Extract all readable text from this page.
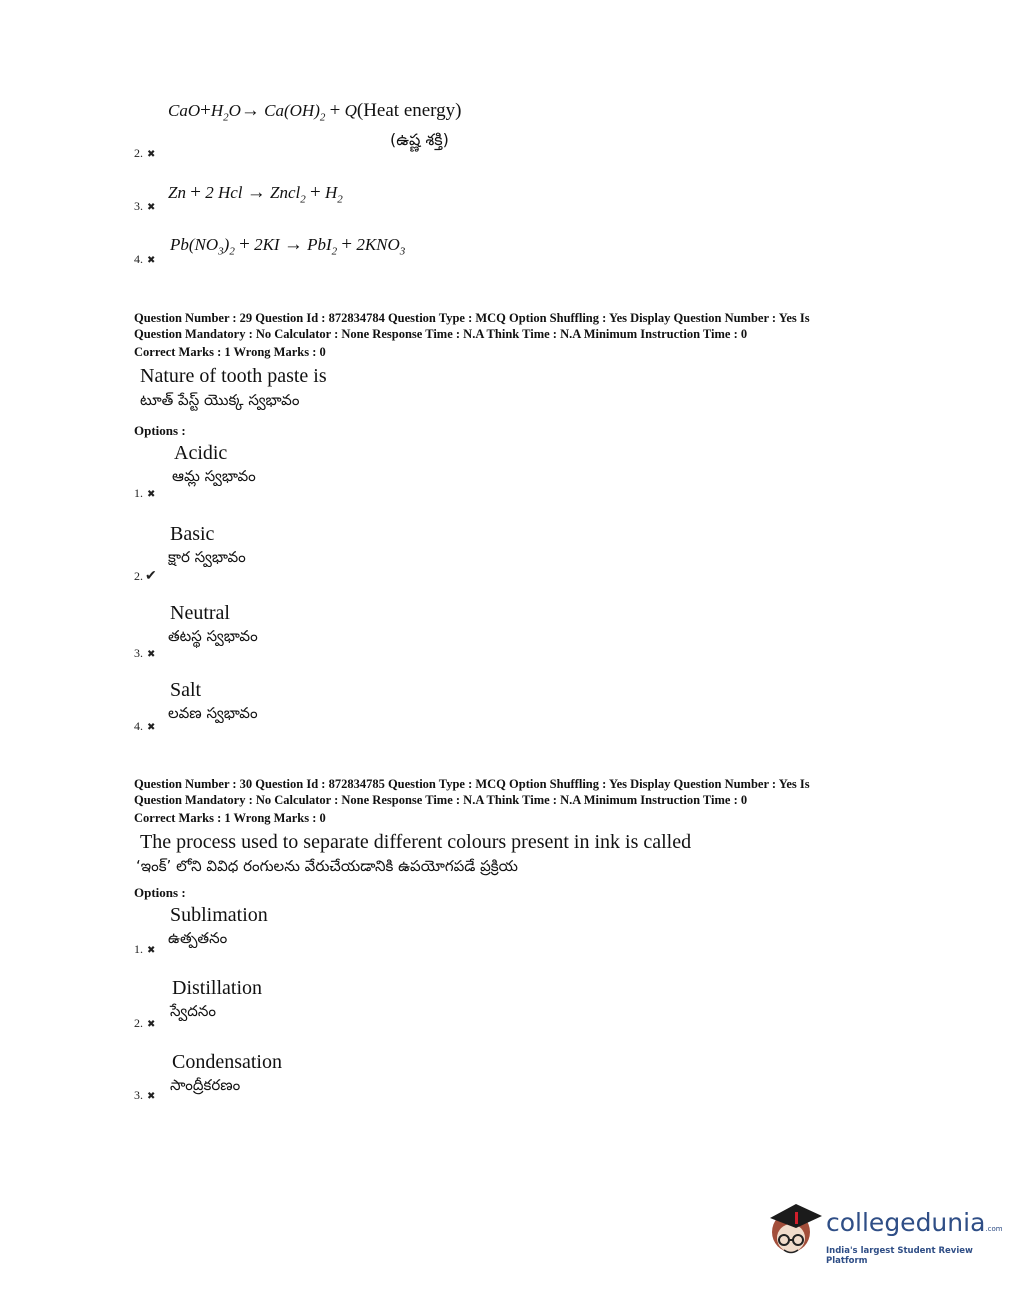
$CaO+H_2O\to Ca(OH)_2$ + Q(Heat energy)
(ఉష్ణ శక్తి)
2. ✖
Zn + 2 Hcl → Zncl$_2$ + $H_2$
3. ✖
$Pb(NO_3)_2 + 2KI \to PbI_2 + 2KNO_3$
4. ✖
Question Number : 29 Question Id : 872834784 Question Type : MCQ Option Shuffling : Yes Display Question Number : Yes Is
Question Mandatory : No Calculator : None Response Time : N.A Think Time : N.A Minimum Instruction Time : 0
Correct Marks : 1 Wrong Marks : 0
Nature of tooth paste is
టూత్ పేస్ట్ యొక్క స్వభావం
Options :
Acidic
ఆమ్ల స్వభావం
1. ✖
Basic
క్షార స్వభావం
2. ✔
Neutral
తటస్థ స్వభావం
3. ✖
Salt
లవణ స్వభావం
4. ✖
Question Number : 30 Question Id : 872834785 Question Type : MCQ Option Shuffling : Yes Display Question Number : Yes Is
Question Mandatory : No Calculator : None Response Time : N.A Think Time : N.A Minimum Instruction Time : 0
Correct Marks : 1 Wrong Marks : 0
The process used to separate different colours present in ink is called
‘ఇంక్’ లోని వివిధ రంగులను వేరుచేయడానికి ఉపయోగపడే ప్రక్రియ
Options :
Sublimation
ఉత్పతనం
1. ✖
Distillation
స్వేదనం
2. ✖
Condensation
సాంద్రీకరణం
3. ✖
collegedunia.com
India's largest Student Review Platform
